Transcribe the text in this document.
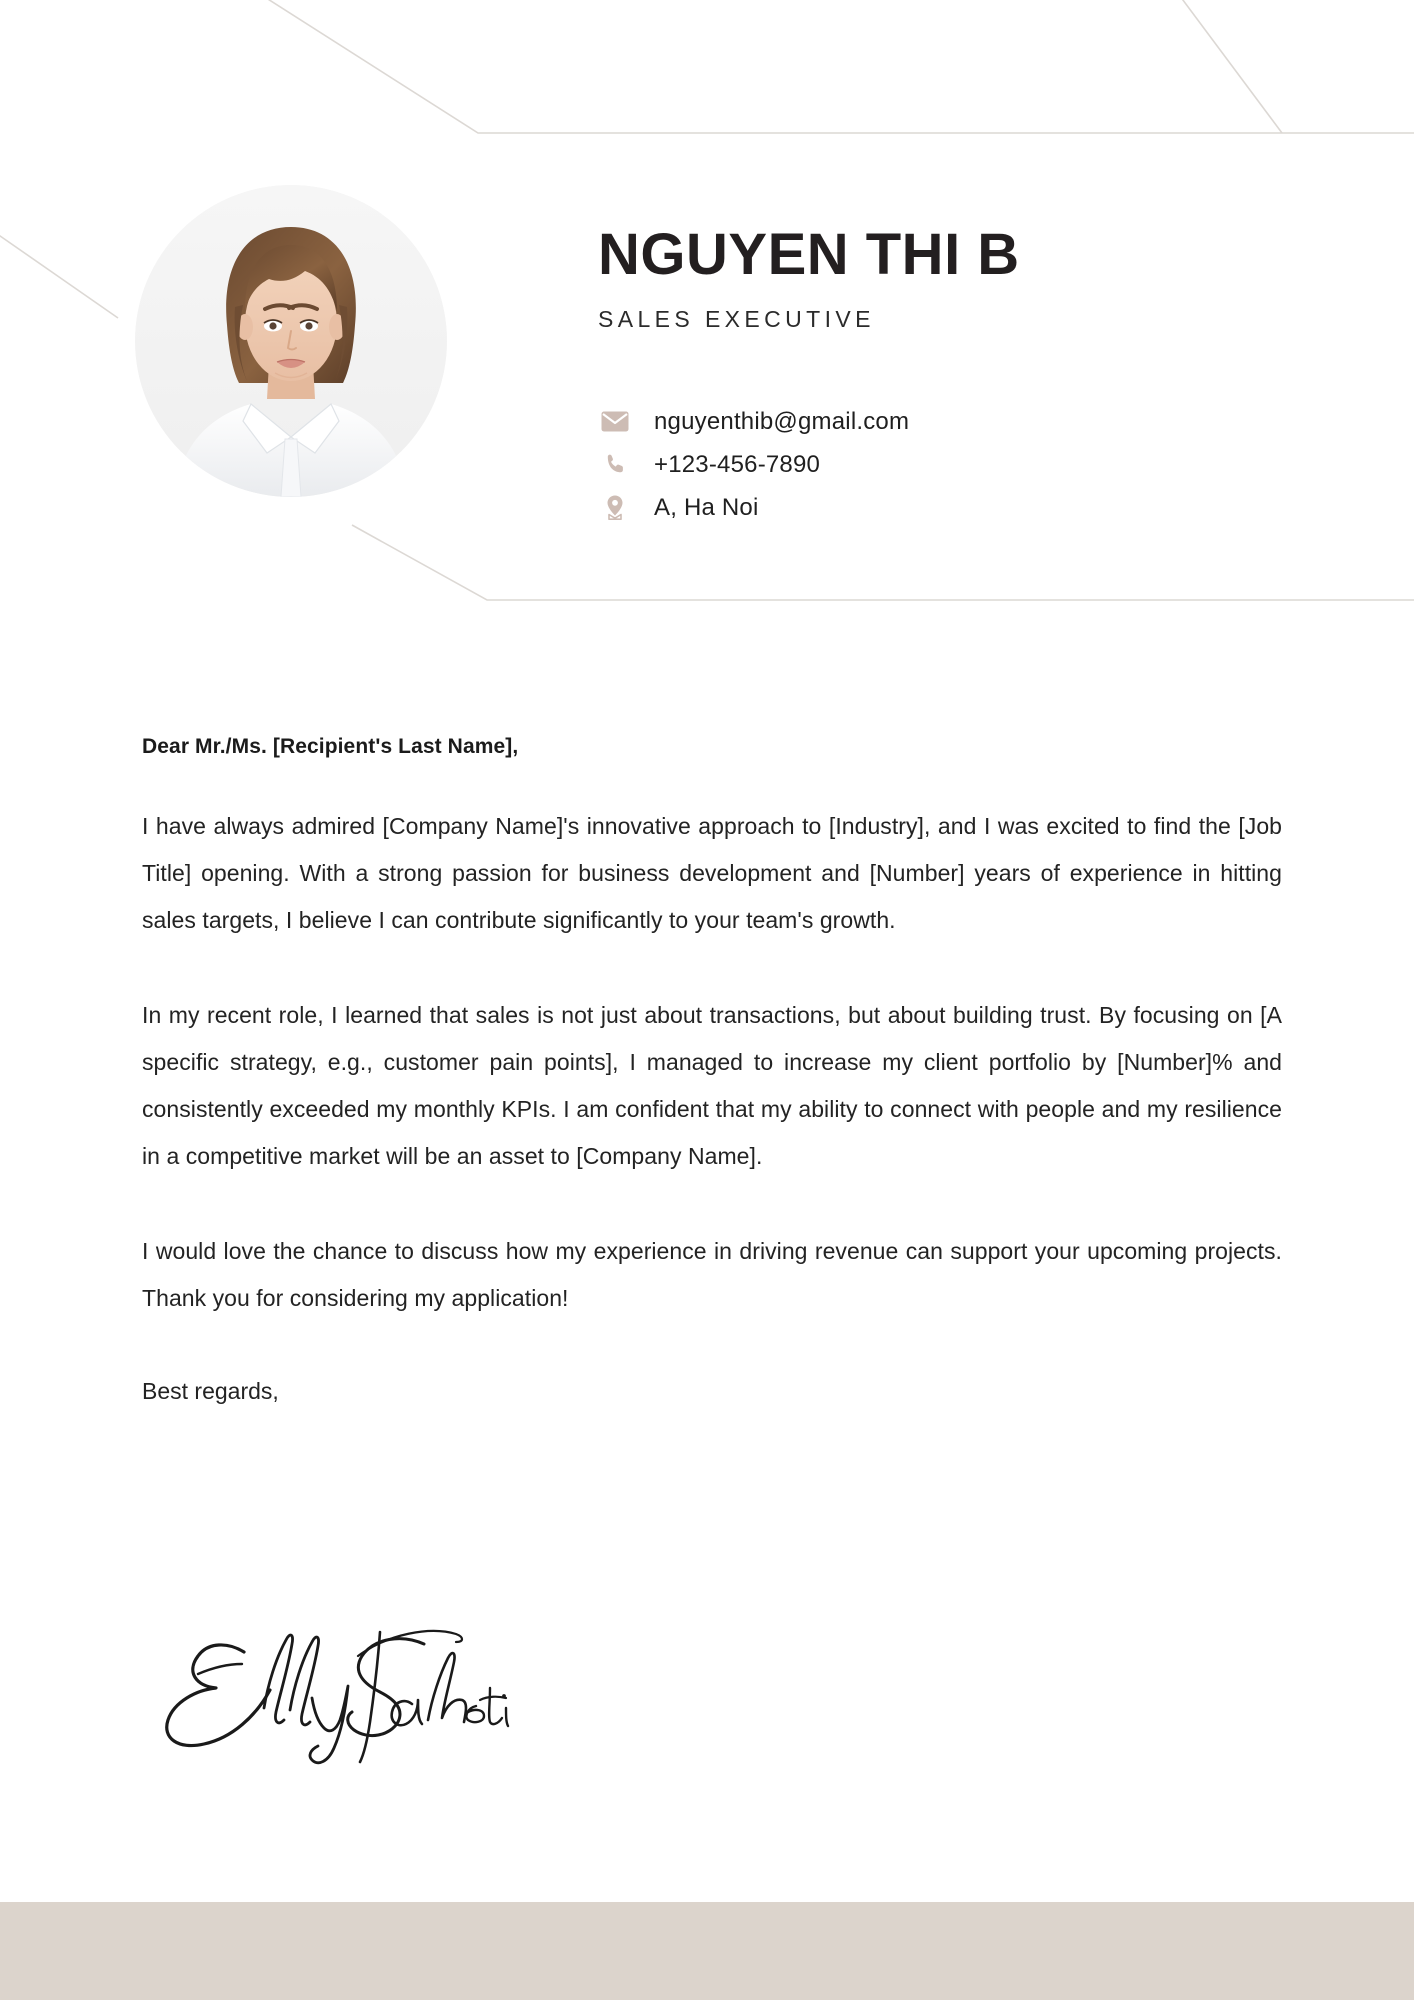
NGUYEN THI B
SALES EXECUTIVE
nguyenthib@gmail.com
+123-456-7890
A, Ha Noi

Dear Mr./Ms. [Recipient's Last Name],

I have always admired [Company Name]'s innovative approach to [Industry], and I was excited to find the [Job Title] opening. With a strong passion for business development and [Number] years of experience in hitting sales targets, I believe I can contribute significantly to your team's growth.

In my recent role, I learned that sales is not just about transactions, but about building trust. By focusing on [A specific strategy, e.g., customer pain points], I managed to increase my client portfolio by [Number]% and consistently exceeded my monthly KPIs. I am confident that my ability to connect with people and my resilience in a competitive market will be an asset to [Company Name].

I would love the chance to discuss how my experience in driving revenue can support your upcoming projects. Thank you for considering my application!

Best regards,
